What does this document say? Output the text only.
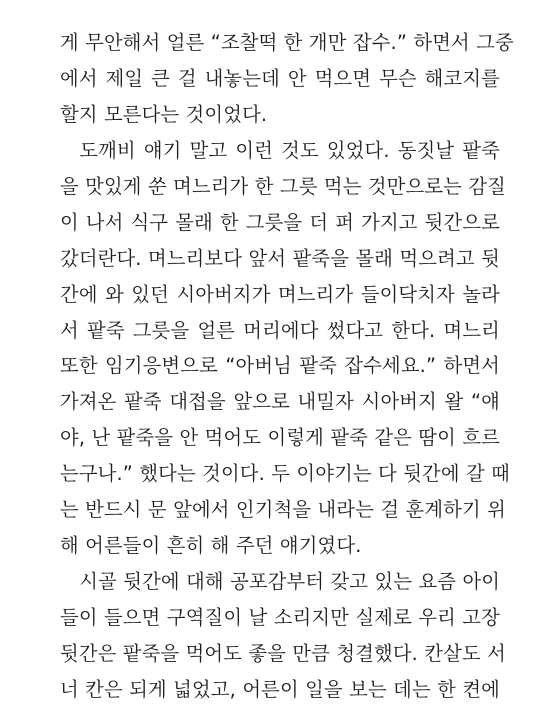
게 무안해서 얼른 “조찰떡 한 개만 잡수.” 하면서 그중
에서 제일 큰 걸 내놓는데 안 먹으면 무슨 해코지를
할지 모른다는 것이었다.
도깨비 얘기 말고 이런 것도 있었다. 동짓날 팥죽
을 맛있게 쑨 며느리가 한 그릇 먹는 것만으로는 감질
이 나서 식구 몰래 한 그릇을 더 퍼 가지고 뒷간으로
갔더란다. 며느리보다 앞서 팥죽을 몰래 먹으려고 뒷
간에 와 있던 시아버지가 며느리가 들이닥치자 놀라
서 팥죽 그릇을 얼른 머리에다 썼다고 한다. 며느리
또한 임기응변으로 “아버님 팥죽 잡수세요.” 하면서
가져온 팥죽 대접을 앞으로 내밀자 시아버지 왈 “얘
야, 난 팥죽을 안 먹어도 이렇게 팥죽 같은 땀이 흐르
는구나.” 했다는 것이다. 두 이야기는 다 뒷간에 갈 때
는 반드시 문 앞에서 인기척을 내라는 걸 훈계하기 위
해 어른들이 흔히 해 주던 얘기였다.
시골 뒷간에 대해 공포감부터 갖고 있는 요즘 아이
들이 들으면 구역질이 날 소리지만 실제로 우리 고장
뒷간은 팥죽을 먹어도 좋을 만큼 청결했다. 칸살도 서
너 칸은 되게 넓었고, 어른이 일을 보는 데는 한 켠에
